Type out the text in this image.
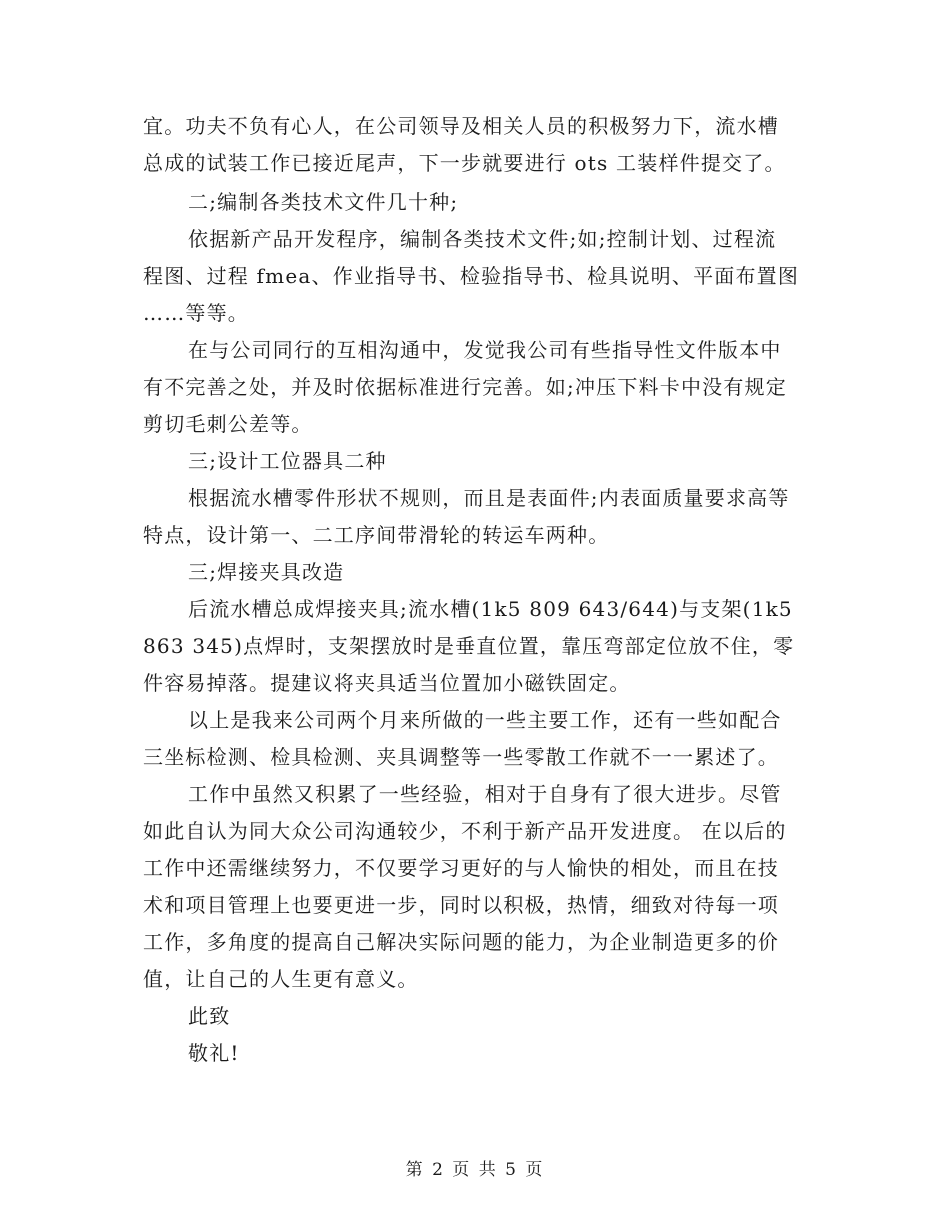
宜。功夫不负有心人，在公司领导及相关人员的积极努力下，流水槽
总成的试装工作已接近尾声，下一步就要进行 ots 工装样件提交了。
二;编制各类技术文件几十种;
依据新产品开发程序，编制各类技术文件;如;控制计划、过程流
程图、过程 fmea、作业指导书、检验指导书、检具说明、平面布置图
……等等。
在与公司同行的互相沟通中，发觉我公司有些指导性文件版本中
有不完善之处，并及时依据标准进行完善。如;冲压下料卡中没有规定
剪切毛刺公差等。
三;设计工位器具二种
根据流水槽零件形状不规则，而且是表面件;内表面质量要求高等
特点，设计第一、二工序间带滑轮的转运车两种。
三;焊接夹具改造
后流水槽总成焊接夹具;流水槽(1k5 809 643/644)与支架(1k5
863 345)点焊时，支架摆放时是垂直位置，靠压弯部定位放不住，零
件容易掉落。提建议将夹具适当位置加小磁铁固定。
以上是我来公司两个月来所做的一些主要工作，还有一些如配合
三坐标检测、检具检测、夹具调整等一些零散工作就不一一累述了。
工作中虽然又积累了一些经验，相对于自身有了很大进步。尽管
如此自认为同大众公司沟通较少，不利于新产品开发进度。 在以后的
工作中还需继续努力，不仅要学习更好的与人愉快的相处，而且在技
术和项目管理上也要更进一步，同时以积极，热情，细致对待每一项
工作，多角度的提高自己解决实际问题的能力，为企业制造更多的价
值，让自己的人生更有意义。
此致
敬礼!
第 2 页 共 5 页
